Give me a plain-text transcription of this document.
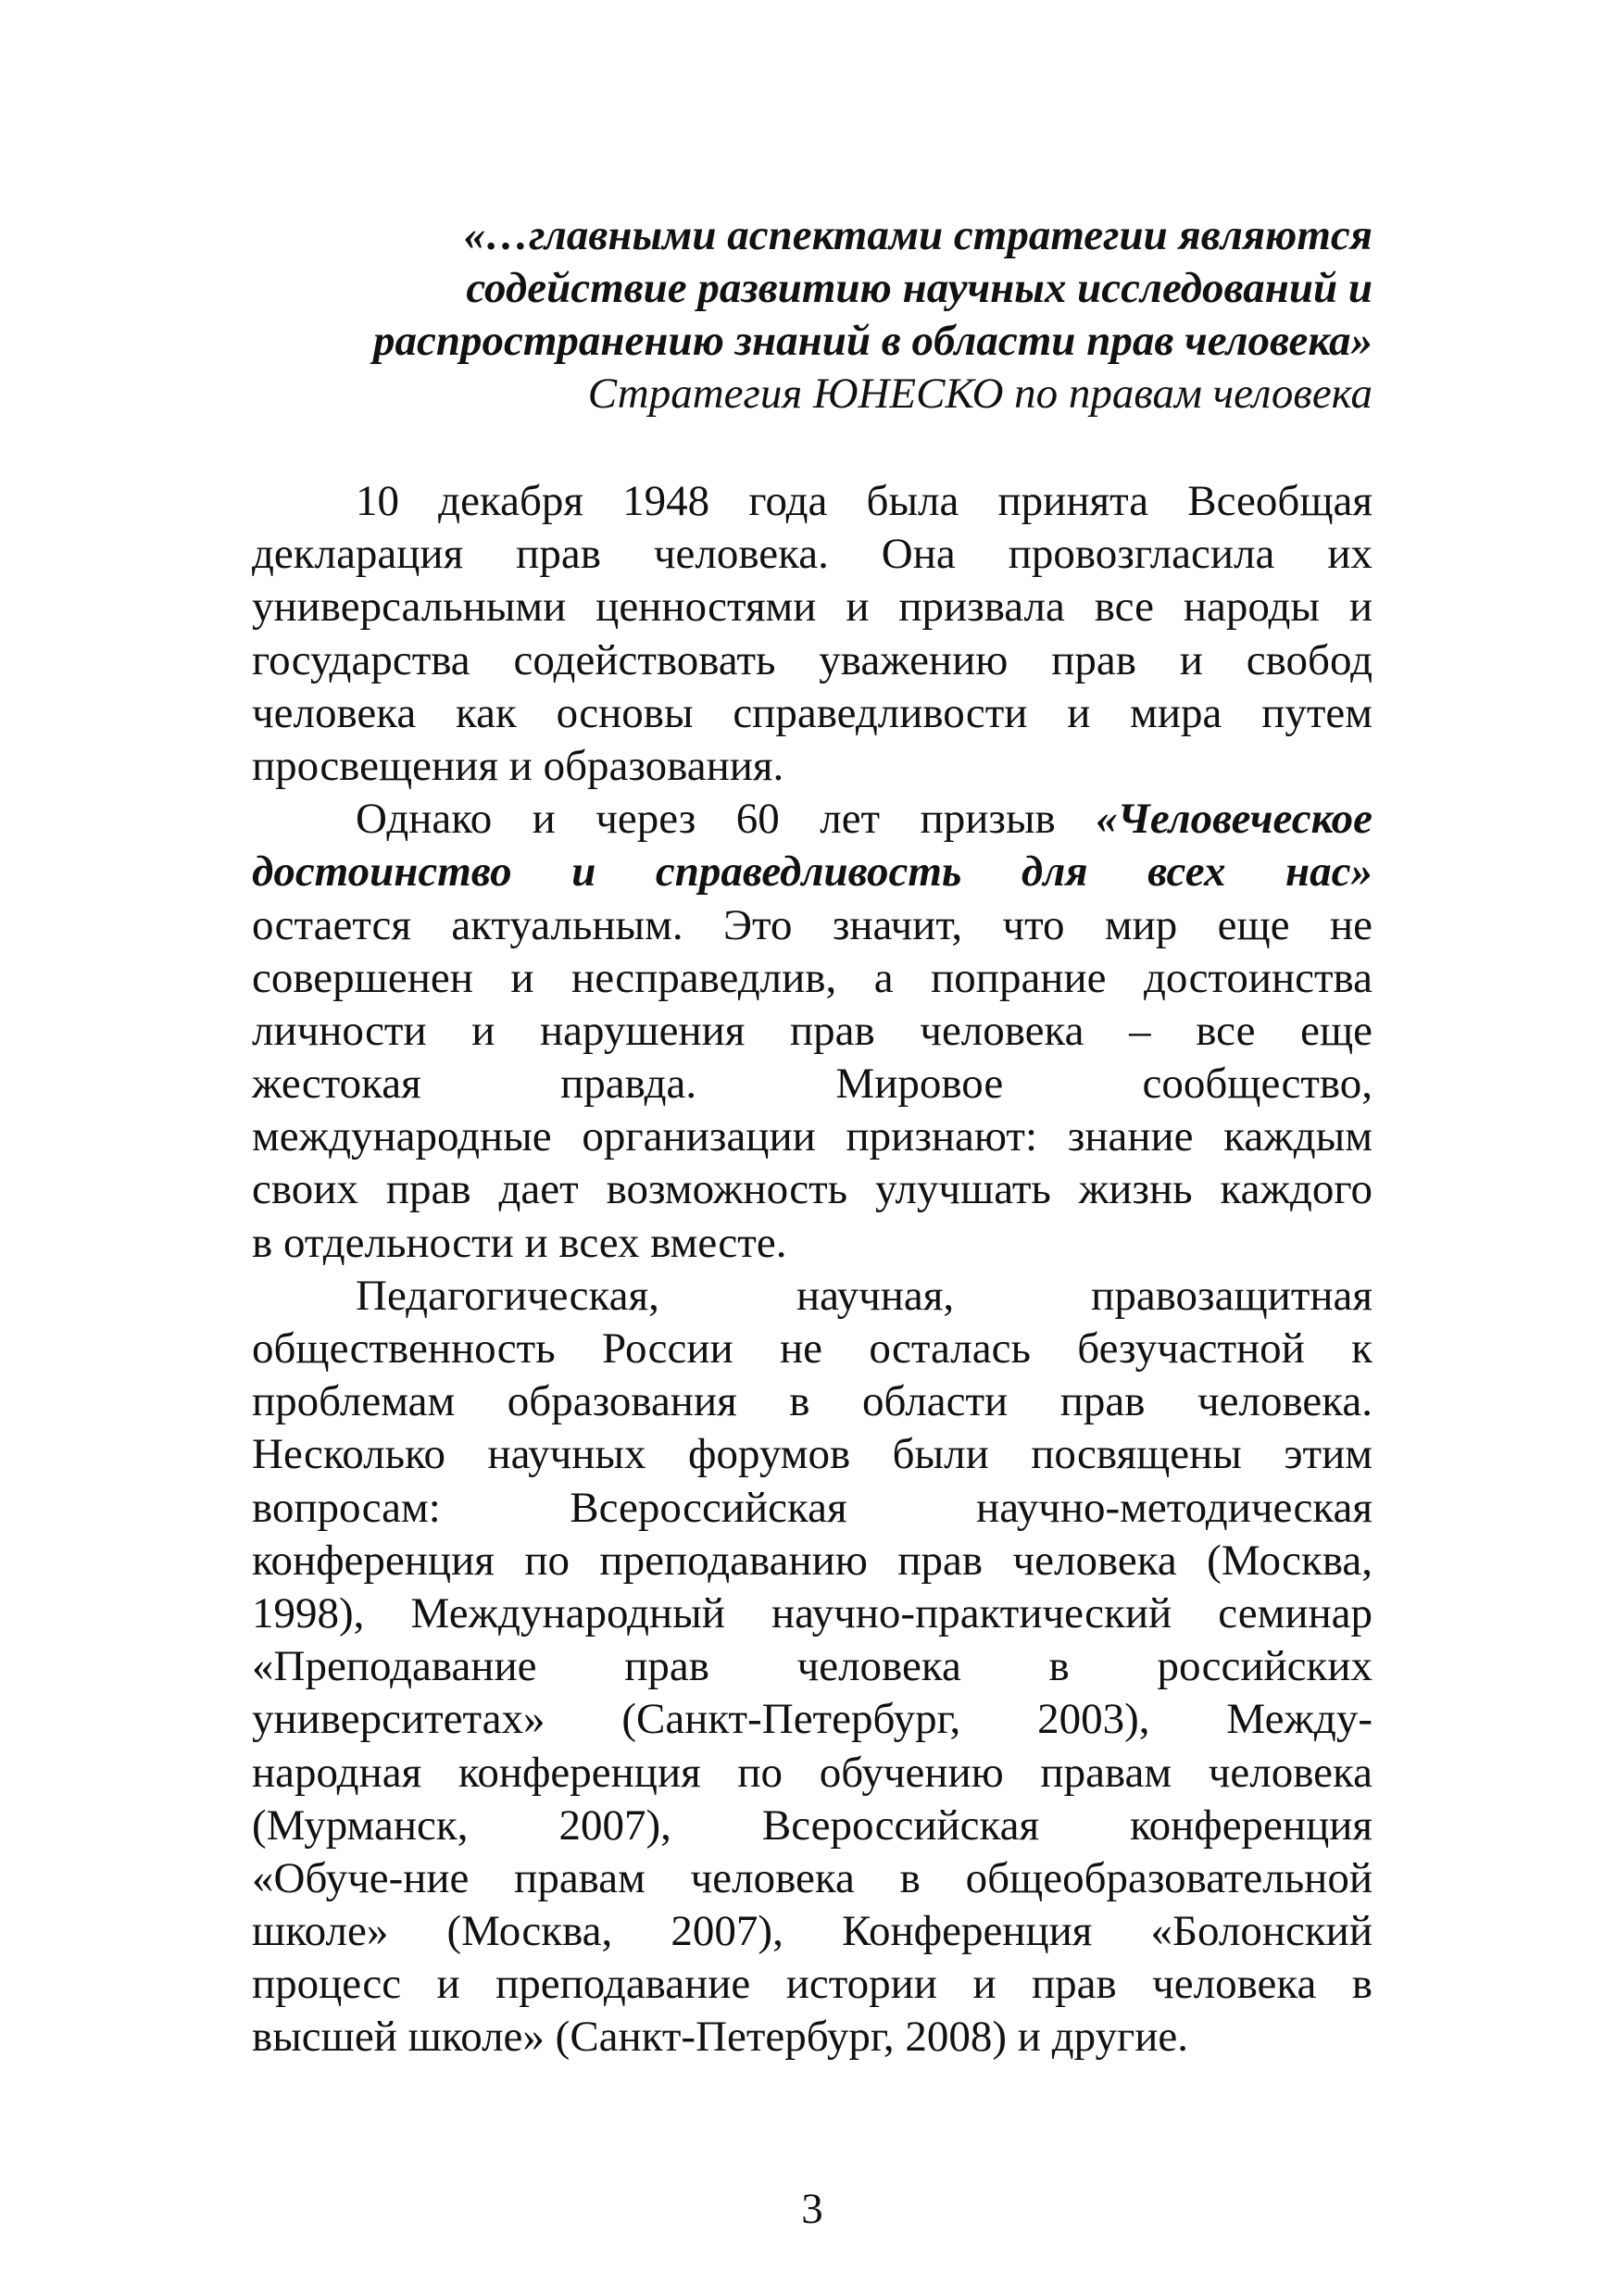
«…главными аспектами стратегии являются
содействие развитию научных исследований и
распространению знаний в области прав человека»
Стратегия ЮНЕСКО по правам человека
10 декабря 1948 года была принята Всеобщая
декларация прав человека. Она провозгласила их
универсальными ценностями и призвала все народы и
государства содействовать уважению прав и свобод
человека как основы справедливости и мира путем
просвещения и образования.
Однако и через 60 лет призыв «Человеческое
достоинство и справедливость для всех нас»
остается актуальным. Это значит, что мир еще не
совершенен и несправедлив, а попрание достоинства
личности и нарушения прав человека – все еще
жестокая правда. Мировое сообщество,
международные организации признают: знание каждым
своих прав дает возможность улучшать жизнь каждого
в отдельности и всех вместе.
Педагогическая, научная, правозащитная
общественность России не осталась безучастной к
проблемам образования в области прав человека.
Несколько научных форумов были посвящены этим
вопросам: Всероссийская научно-методическая
конференция по преподаванию прав человека (Москва,
1998), Международный научно-практический семинар
«Преподавание прав человека в российских
университетах» (Санкт-Петербург, 2003), Между-
народная конференция по обучению правам человека
(Мурманск, 2007), Всероссийская конференция
«Обуче-ние правам человека в общеобразовательной
школе» (Москва, 2007), Конференция «Болонский
процесс и преподавание истории и прав человека в
высшей школе» (Санкт-Петербург, 2008) и другие.
3
